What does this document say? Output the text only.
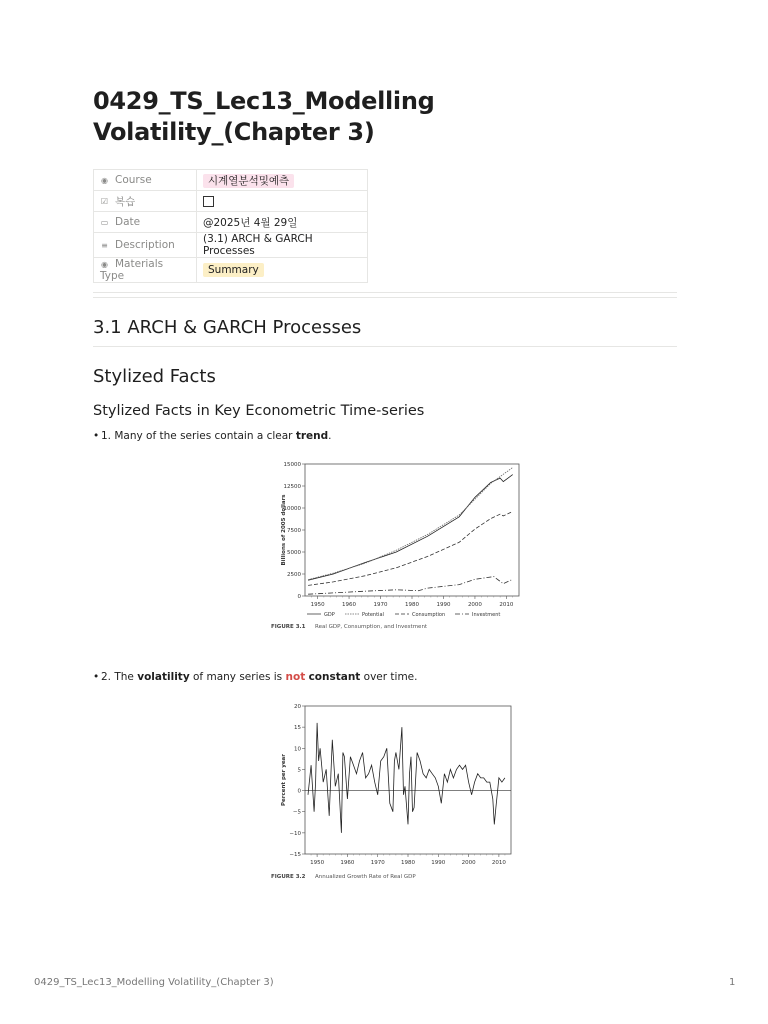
0429_TS_Lec13_Modelling Volatility_(Chapter 3)
◉ Course	시계열분석및예측
☑ 복습	
▭ Date	@2025년 4월 29일
≡ Description	(3.1) ARCH & GARCH Processes
◉ Materials Type	Summary
3.1 ARCH & GARCH Processes
Stylized Facts
Stylized Facts in Key Econometric Time-series
• 1. Many of the series contain a clear trend.
0
2500
5000
7500
10000
12500
15000
1950	1960	1970	1980	1990	2000	2010
Billions of 2005 dollars
GDP	Potential	Consumption	Investment
FIGURE 3.1 Real GDP, Consumption, and Investment
• 2. The volatility of many series is not constant over time.
−15
−10
−5
0
5
10
15
20
1950	1960	1970	1980	1990	2000	2010
Percent per year
FIGURE 3.2 Annualized Growth Rate of Real GDP
0429_TS_Lec13_Modelling Volatility_(Chapter 3)	1
